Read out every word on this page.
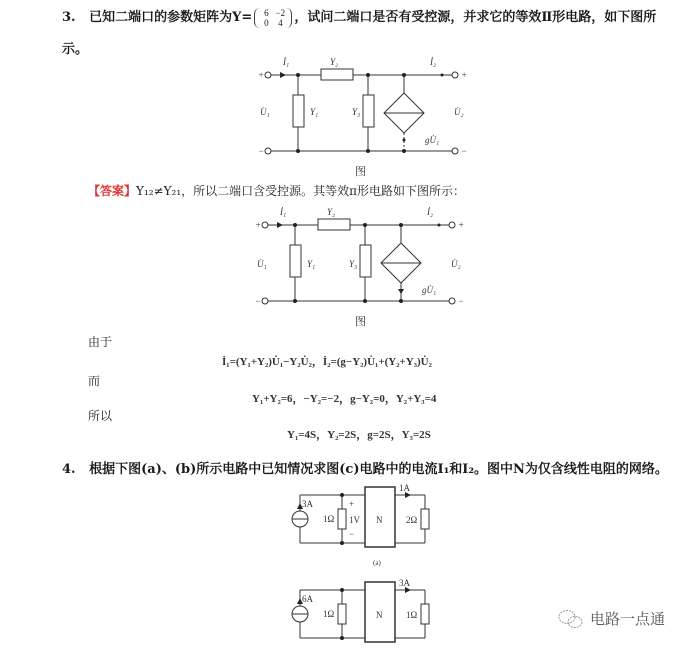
3. 已知二端口的参数矩阵为Y= 6 −2
0 4 ，试问二端口是否有受控源，并求它的等效Ⅱ形电路，如下图所
示。
+
−
+
−
İ₁	Y₂	İ₂
Y₁	Y₃
U̇₁	U̇₂
gU̇₁
图
【答案】Y₁₂≠Y₂₁，所以二端口含受控源。其等效π形电路如下图所示：
+
−
+
−
İ₁	Y₂	İ₂
Y₁	Y₃
U̇₁	U̇₂
gU̇₁
图
由于
İ₁=(Y₁+Y₂)U̇₁−Y₂U̇₂，İ₂=(g−Y₂)U̇₁+(Y₂+Y₃)U̇₂
而
Y₁+Y₂=6，−Y₂=−2，g−Y₂=0，Y₂+Y₃=4
所以
Y₁=4S，Y₂=2S，g=2S，Y₃=2S
4. 根据下图(a)、(b)所示电路中已知情况求图(c)电路中的电流I₁和I₂。图中N为仅含线性电阻的网络。
3A
1Ω
+
1V
−
N
1A
2Ω
(a)
6A
1Ω	N
3A
1Ω	电路一点通
